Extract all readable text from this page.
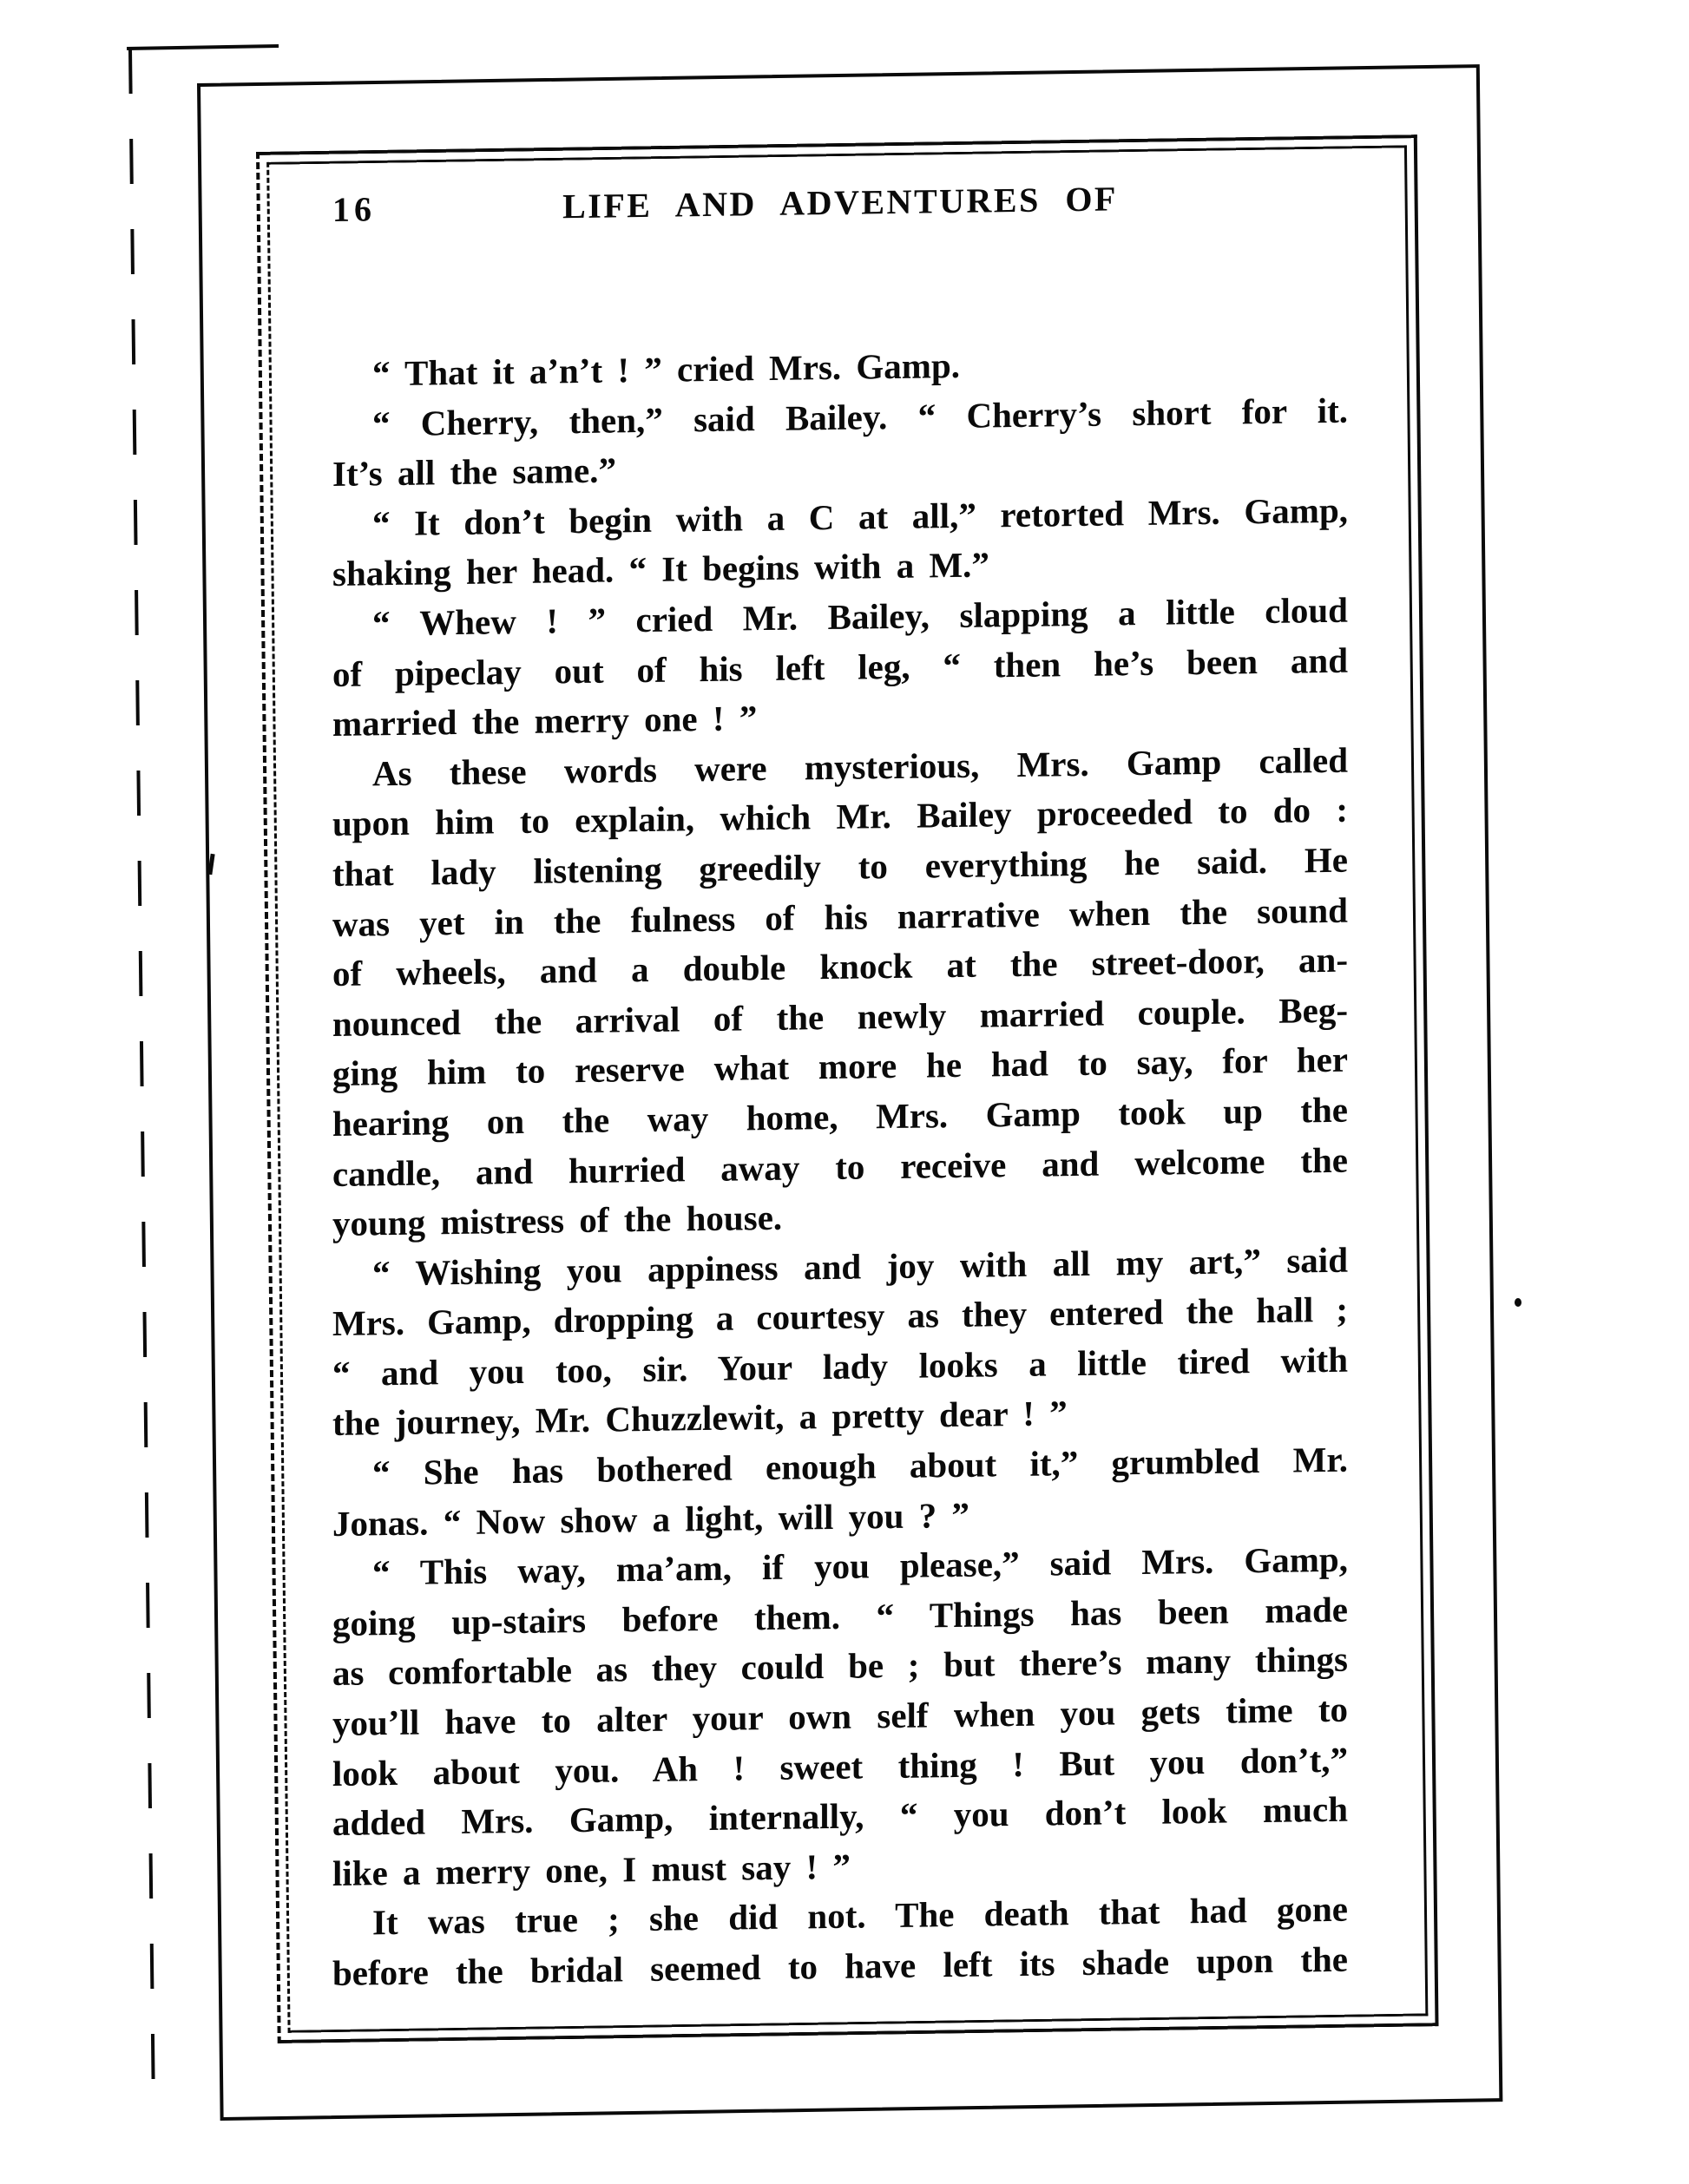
16	LIFE AND ADVENTURES OF
“ That it a’n’t ! ” cried Mrs. Gamp.
“ Cherry, then,” said Bailey. “ Cherry’s short for it.
It’s all the same.”
“ It don’t begin with a C at all,” retorted Mrs. Gamp,
shaking her head. “ It begins with a M.”
“ Whew ! ” cried Mr. Bailey, slapping a little cloud
of pipeclay out of his left leg, “ then he’s been and
married the merry one ! ”
As these words were mysterious, Mrs. Gamp called
upon him to explain, which Mr. Bailey proceeded to do :
that lady listening greedily to everything he said. He
was yet in the fulness of his narrative when the sound
of wheels, and a double knock at the street-door, an-
nounced the arrival of the newly married couple. Beg-
ging him to reserve what more he had to say, for her
hearing on the way home, Mrs. Gamp took up the
candle, and hurried away to receive and welcome the
young mistress of the house.
“ Wishing you appiness and joy with all my art,” said
Mrs. Gamp, dropping a courtesy as they entered the hall ;
“ and you too, sir. Your lady looks a little tired with
the journey, Mr. Chuzzlewit, a pretty dear ! ”
“ She has bothered enough about it,” grumbled Mr.
Jonas. “ Now show a light, will you ? ”
“ This way, ma’am, if you please,” said Mrs. Gamp,
going up-stairs before them. “ Things has been made
as comfortable as they could be ; but there’s many things
you’ll have to alter your own self when you gets time to
look about you. Ah ! sweet thing ! But you don’t,”
added Mrs. Gamp, internally, “ you don’t look much
like a merry one, I must say ! ”
It was true ; she did not. The death that had gone
before the bridal seemed to have left its shade upon the
